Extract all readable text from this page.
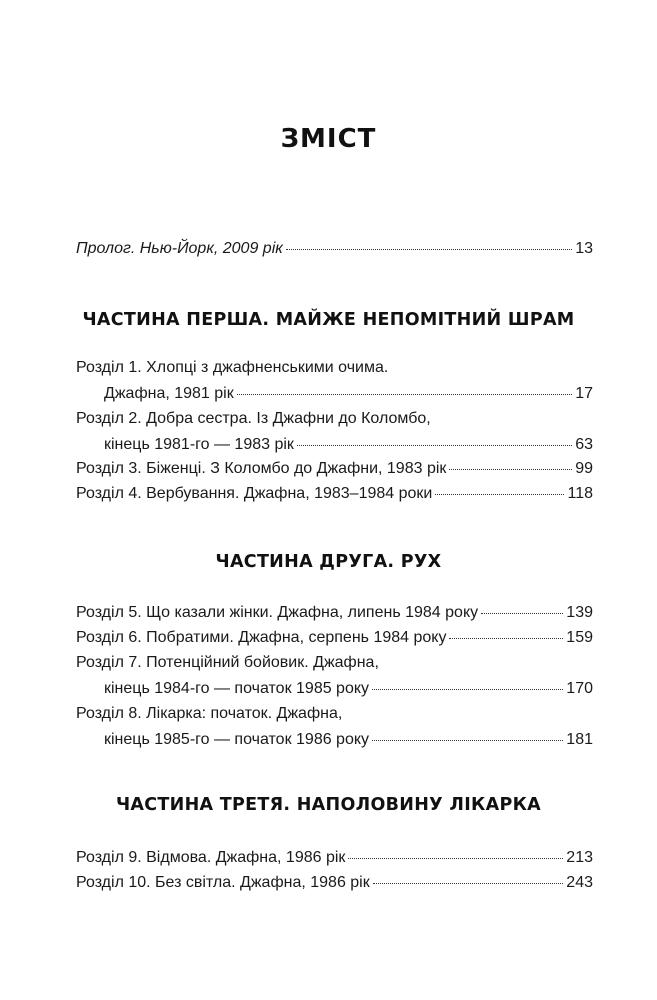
ЗМІСТ
Пролог. Нью-Йорк, 2009 рік	13
ЧАСТИНА ПЕРША. МАЙЖЕ НЕПОМІТНИЙ ШРАМ
Розділ 1. Хлопці з джафненськими очима.
Джафна, 1981 рік	17
Розділ 2. Добра сестра. Із Джафни до Коломбо,
кінець 1981-го — 1983 рік	63
Розділ 3. Біженці. З Коломбо до Джафни, 1983 рік	99
Розділ 4. Вербування. Джафна, 1983–1984 роки	118
ЧАСТИНА ДРУГА. РУХ
Розділ 5. Що казали жінки. Джафна, липень 1984 року	139
Розділ 6. Побратими. Джафна, серпень 1984 року	159
Розділ 7. Потенційний бойовик. Джафна,
кінець 1984-го — початок 1985 року	170
Розділ 8. Лікарка: початок. Джафна,
кінець 1985-го — початок 1986 року	181
ЧАСТИНА ТРЕТЯ. НАПОЛОВИНУ ЛІКАРКА
Розділ 9. Відмова. Джафна, 1986 рік	213
Розділ 10. Без світла. Джафна, 1986 рік	243
